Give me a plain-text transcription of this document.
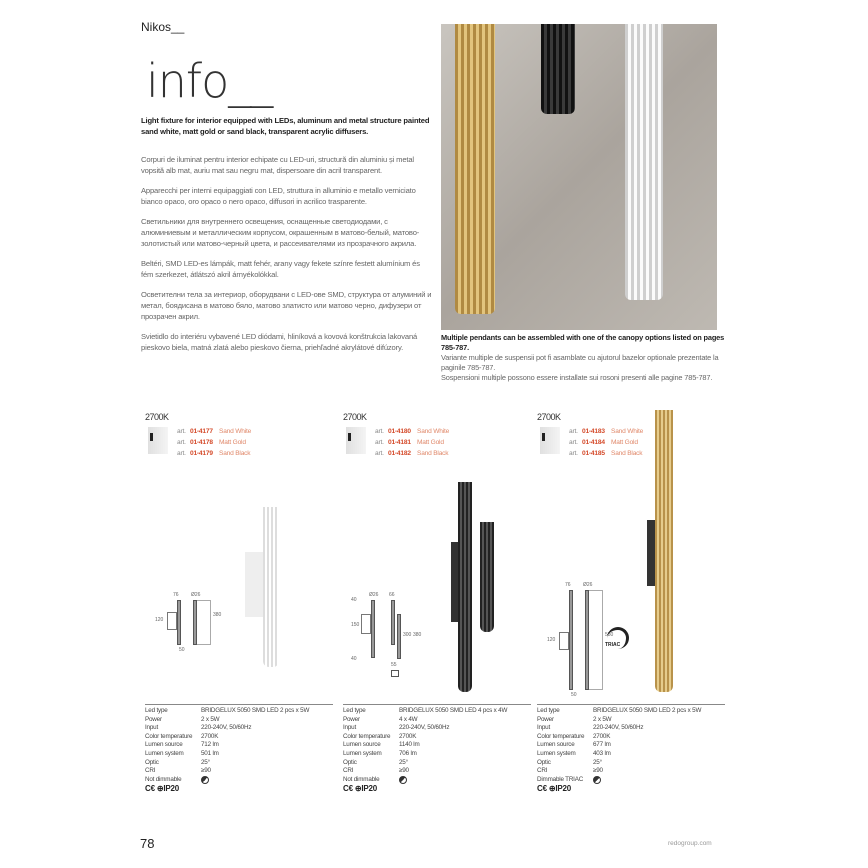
Nikos__
info__
Light fixture for interior equipped with LEDs, aluminum and metal structure painted sand white, matt gold or sand black, transparent acrylic diffusers.
Corpuri de iluminat pentru interior echipate cu LED-uri, structură din aluminiu și metal vopsită alb mat, auriu mat sau negru mat, dispersoare din acril transparent.
Apparecchi per interni equipaggiati con LED, struttura in alluminio e metallo verniciato bianco opaco, oro opaco o nero opaco, diffusori in acrilico trasparente.
Светильники для внутреннего освещения, оснащенные светодиодами, с алюминиевым и металлическим корпусом, окрашенным в матово-белый, матово-золотистый или матово-черный цвета, и рассеивателями из прозрачного акрила.
Beltéri, SMD LED-es lámpák, matt fehér, arany vagy fekete színre festett alumínium és fém szerkezet, átlátszó akril árnyékolókkal.
Осветителни тела за интериор, оборудвани с LED-ове SMD, структура от алуминий и метал, боядисана в матово бяло, матово златисто или матово черно, дифузери от прозрачен акрил.
Svietidlo do interiéru vybavené LED diódami, hliníková a kovová konštrukcia lakovaná pieskovo biela, matná zlatá alebo pieskovo čierna, priehľadné akrylátové difúzory.
Multiple pendants can be assembled with one of the canopy options listed on pages 785-787.
Variante multiple de suspensii pot fi asamblate cu ajutorul bazelor optionale prezentate la paginile 785-787.
Sospensioni multiple possono essere installate sui rosoni presenti alle pagine 785-787.
2700K
art. 01-4177 Sand White
art. 01-4178 Matt Gold
art. 01-4179 Sand Black
76 Ø26
120
380
50
Led type	BRIDGELUX 5050 SMD LED 2 pcs x 5W
Power	2 x 5W
Input	220-240V, 50/60Hz
Color temperature	2700K
Lumen source	712 lm
Lumen system	501 lm
Optic	25°
CRI	≥90
Not dimmable
C€ ⊕IP20
2700K
art. 01-4180 Sand White
art. 01-4181 Matt Gold
art. 01-4182 Sand Black
Ø26 66
40
150
40
300 380
55
Led type	BRIDGELUX 5050 SMD LED 4 pcs x 4W
Power	4 x 4W
Input	220-240V, 50/60Hz
Color temperature	2700K
Lumen source	1140 lm
Lumen system	706 lm
Optic	25°
CRI	≥90
Not dimmable
C€ ⊕IP20
2700K
art. 01-4183 Sand White
art. 01-4184 Matt Gold
art. 01-4185 Sand Black
76 Ø26
120
580
50
TRIAC
Led type	BRIDGELUX 5050 SMD LED 2 pcs x 5W
Power	2 x 5W
Input	220-240V, 50/60Hz
Color temperature	2700K
Lumen source	677 lm
Lumen system	403 lm
Optic	25°
CRI	≥90
Dimmable TRIAC
C€ ⊕IP20
78	redogroup.com
